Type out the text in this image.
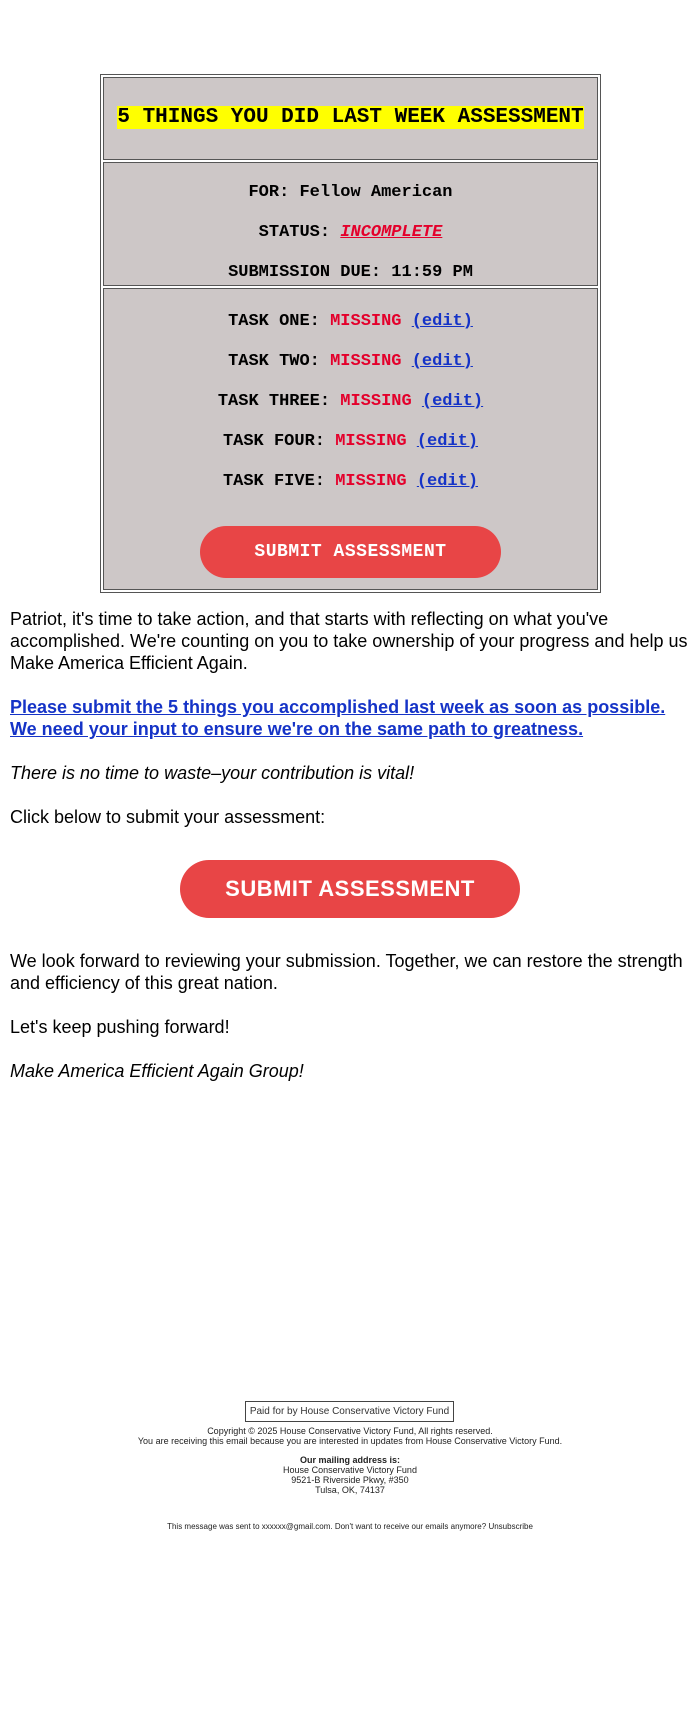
5 THINGS YOU DID LAST WEEK ASSESSMENT
FOR: Fellow American
STATUS: INCOMPLETE
SUBMISSION DUE: 11:59 PM
TASK ONE: MISSING (edit)
TASK TWO: MISSING (edit)
TASK THREE: MISSING (edit)
TASK FOUR: MISSING (edit)
TASK FIVE: MISSING (edit)
SUBMIT ASSESSMENT
Patriot, it's time to take action, and that starts with reflecting on what you've accomplished. We're counting on you to take ownership of your progress and help us Make America Efficient Again.
Please submit the 5 things you accomplished last week as soon as possible. We need your input to ensure we're on the same path to greatness.
There is no time to waste–your contribution is vital!
Click below to submit your assessment:
SUBMIT ASSESSMENT
We look forward to reviewing your submission. Together, we can restore the strength and efficiency of this great nation.
Let's keep pushing forward!
Make America Efficient Again Group!
Paid for by House Conservative Victory Fund
Copyright © 2025 House Conservative Victory Fund, All rights reserved.
You are receiving this email because you are interested in updates from House Conservative Victory Fund.
Our mailing address is:
House Conservative Victory Fund
9521-B Riverside Pkwy, #350
Tulsa, OK, 74137
This message was sent to xxxxxx@gmail.com. Don't want to receive our emails anymore? Unsubscribe
